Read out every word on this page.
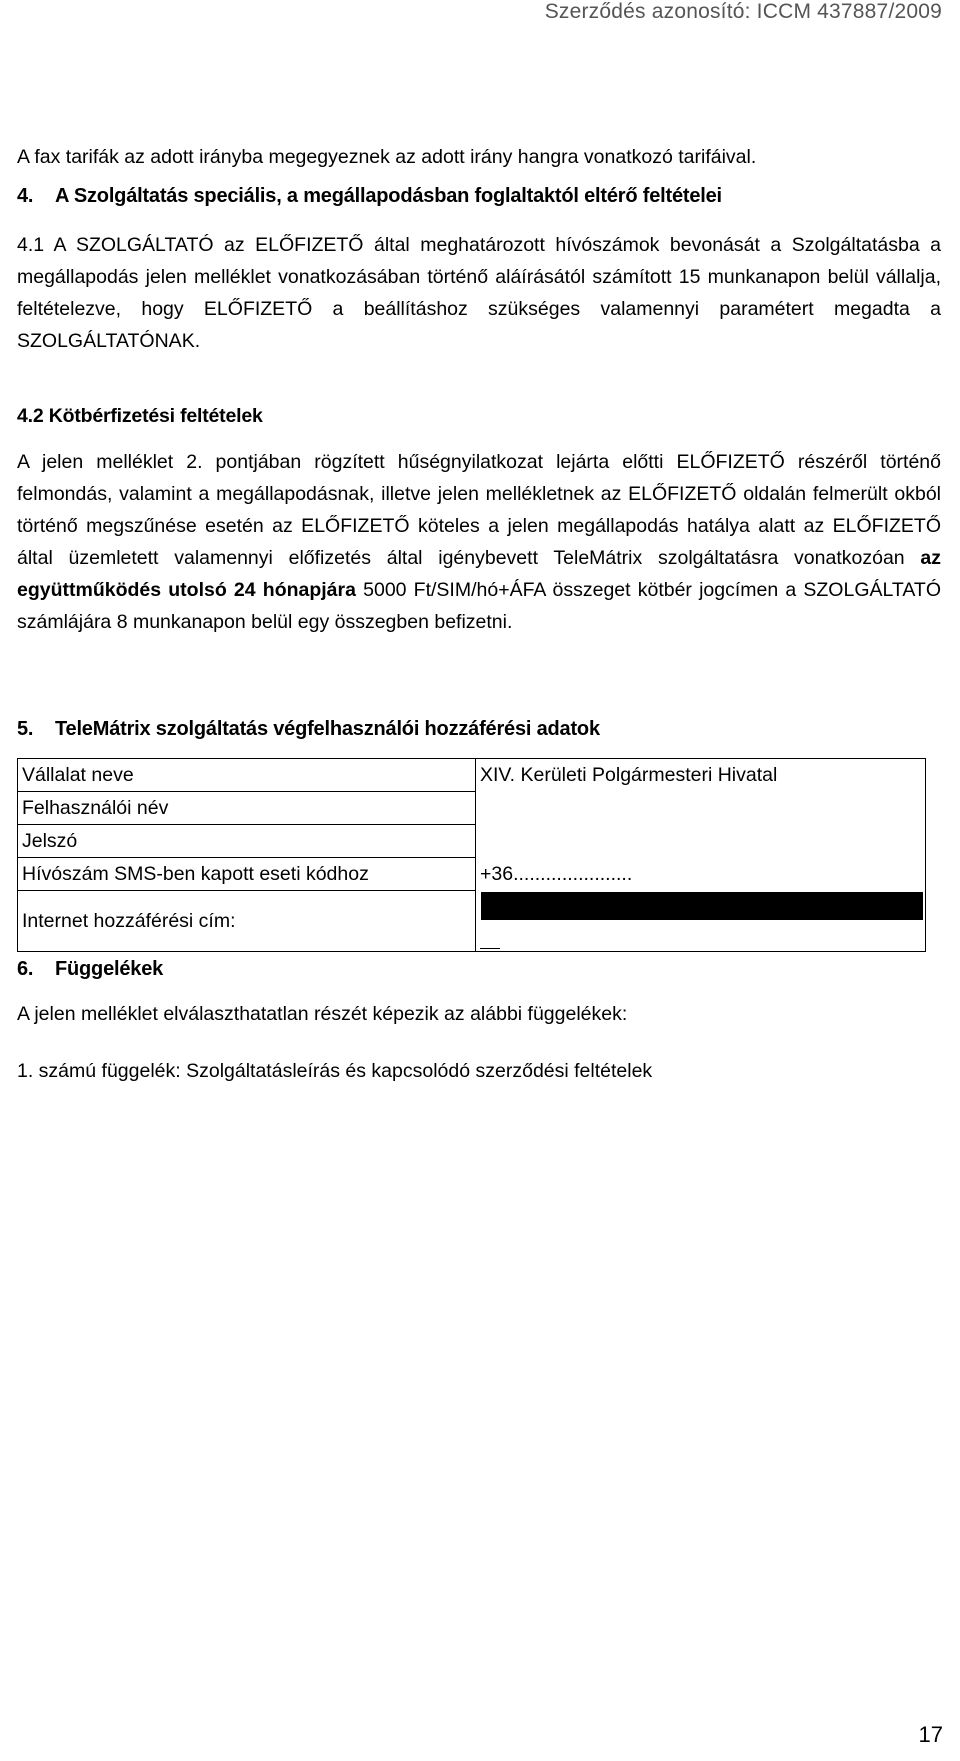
Szerződés azonosító: ICCM 437887/2009

A fax tarifák az adott irányba megegyeznek az adott irány hangra vonatkozó tarifáival.

4. A Szolgáltatás speciális, a megállapodásban foglaltaktól eltérő feltételei

4.1 A SZOLGÁLTATÓ az ELŐFIZETŐ által meghatározott hívószámok bevonását a Szolgáltatásba a megállapodás jelen melléklet vonatkozásában történő aláírásától számított 15 munkanapon belül vállalja, feltételezve, hogy ELŐFIZETŐ a beállításhoz szükséges valamennyi paramétert megadta a SZOLGÁLTATÓNAK.

4.2 Kötbérfizetési feltételek

A jelen melléklet 2. pontjában rögzített hűségnyilatkozat lejárta előtti ELŐFIZETŐ részéről történő felmondás, valamint a megállapodásnak, illetve jelen mellékletnek az ELŐFIZETŐ oldalán felmerült okból történő megszűnése esetén az ELŐFIZETŐ köteles a jelen megállapodás hatálya alatt az ELŐFIZETŐ által üzemletett valamennyi előfizetés által igénybevett TeleMátrix szolgáltatásra vonatkozóan az együttműködés utolsó 24 hónapjára 5000 Ft/SIM/hó+ÁFA összeget kötbér jogcímen a SZOLGÁLTATÓ számlájára 8 munkanapon belül egy összegben befizetni.

5. TeleMátrix szolgáltatás végfelhasználói hozzáférési adatok
Vállalat neve	XIV. Kerületi Polgármesteri Hivatal
Felhasználói név	
Jelszó	
Hívószám SMS-ben kapott eseti kódhoz	+36......................
Internet hozzáférési cím:	
6. Függelékek

A jelen melléklet elválaszthatatlan részét képezik az alábbi függelékek:

1. számú függelék: Szolgáltatásleírás és kapcsolódó szerződési feltételek

17
